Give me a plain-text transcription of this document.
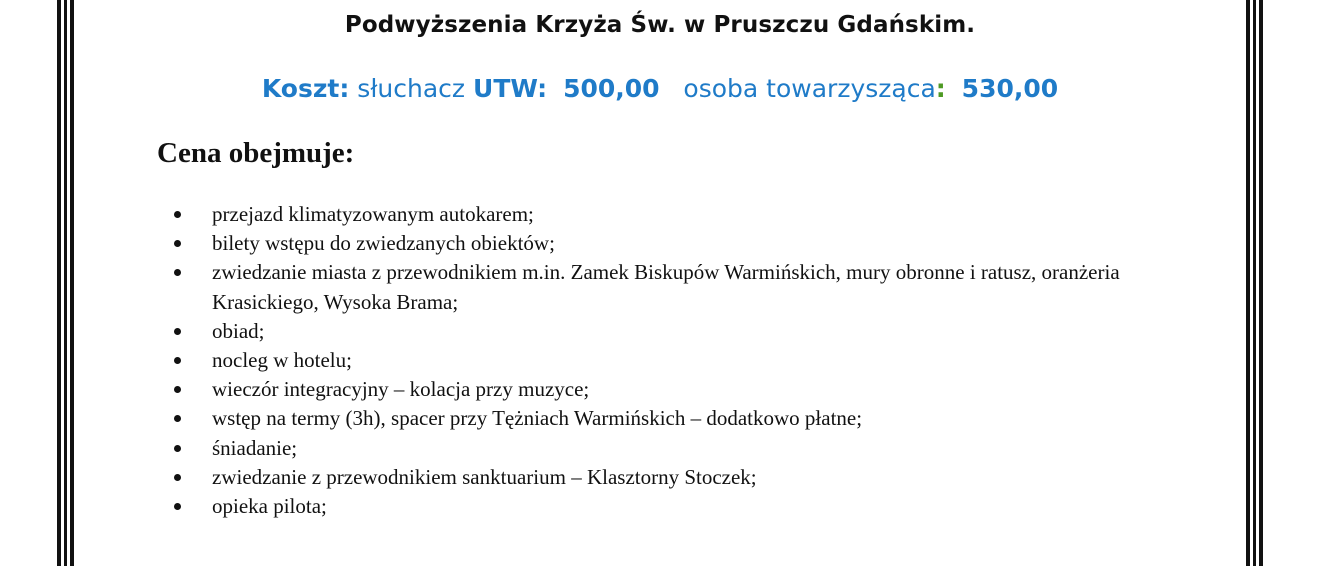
Podwyższenia Krzyża Św. w Pruszczu Gdańskim.
Koszt: słuchacz UTW: 500,00 osoba towarzysząca: 530,00
Cena obejmuje:
przejazd klimatyzowanym autokarem;
bilety wstępu do zwiedzanych obiektów;
zwiedzanie miasta z przewodnikiem m.in. Zamek Biskupów Warmińskich, mury obronne i ratusz, oranżeria Krasickiego, Wysoka Brama;
obiad;
nocleg w hotelu;
wieczór integracyjny – kolacja przy muzyce;
wstęp na termy (3h), spacer przy Tężniach Warmińskich – dodatkowo płatne;
śniadanie;
zwiedzanie z przewodnikiem sanktuarium – Klasztorny Stoczek;
opieka pilota;
